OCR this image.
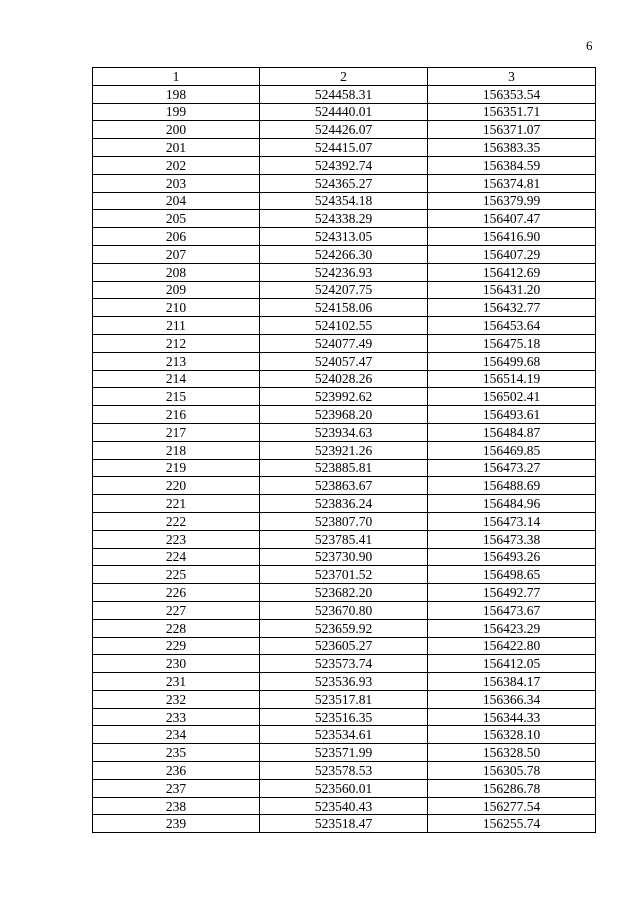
6
1	2	3
198	524458.31	156353.54
199	524440.01	156351.71
200	524426.07	156371.07
201	524415.07	156383.35
202	524392.74	156384.59
203	524365.27	156374.81
204	524354.18	156379.99
205	524338.29	156407.47
206	524313.05	156416.90
207	524266.30	156407.29
208	524236.93	156412.69
209	524207.75	156431.20
210	524158.06	156432.77
211	524102.55	156453.64
212	524077.49	156475.18
213	524057.47	156499.68
214	524028.26	156514.19
215	523992.62	156502.41
216	523968.20	156493.61
217	523934.63	156484.87
218	523921.26	156469.85
219	523885.81	156473.27
220	523863.67	156488.69
221	523836.24	156484.96
222	523807.70	156473.14
223	523785.41	156473.38
224	523730.90	156493.26
225	523701.52	156498.65
226	523682.20	156492.77
227	523670.80	156473.67
228	523659.92	156423.29
229	523605.27	156422.80
230	523573.74	156412.05
231	523536.93	156384.17
232	523517.81	156366.34
233	523516.35	156344.33
234	523534.61	156328.10
235	523571.99	156328.50
236	523578.53	156305.78
237	523560.01	156286.78
238	523540.43	156277.54
239	523518.47	156255.74
